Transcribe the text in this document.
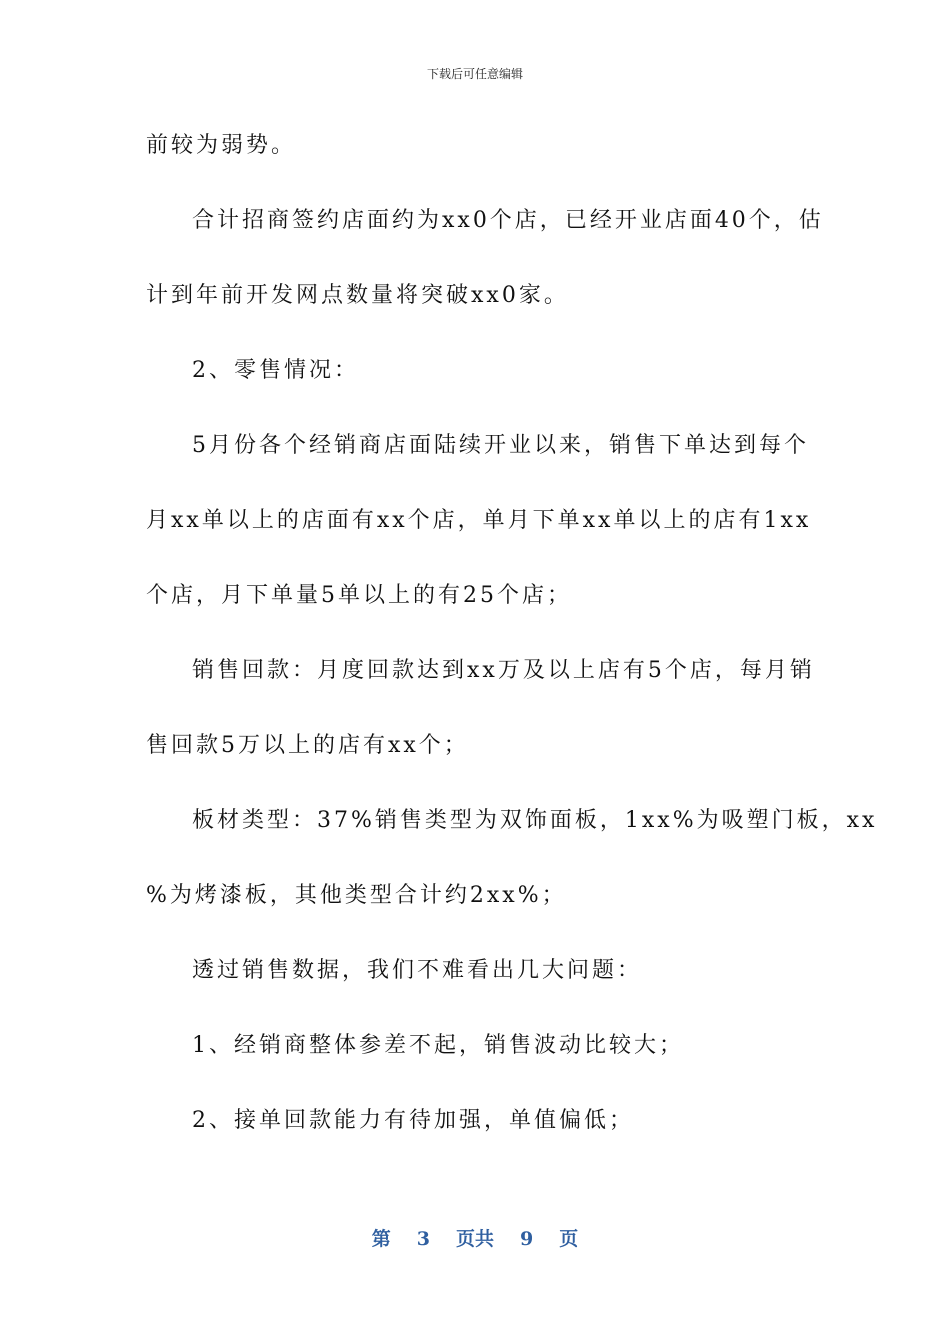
下载后可任意编辑
前较为弱势。
合计招商签约店面约为xx0个店，已经开业店面40个，估
计到年前开发网点数量将突破xx0家。
2、零售情况：
5月份各个经销商店面陆续开业以来，销售下单达到每个
月xx单以上的店面有xx个店，单月下单xx单以上的店有1xx
个店，月下单量5单以上的有25个店；
销售回款：月度回款达到xx万及以上店有5个店，每月销
售回款5万以上的店有xx个；
板材类型：37%销售类型为双饰面板，1xx%为吸塑门板，xx
%为烤漆板，其他类型合计约2xx%；
透过销售数据，我们不难看出几大问题：
1、经销商整体参差不起，销售波动比较大；
2、接单回款能力有待加强，单值偏低；
第 3 页共 9 页
